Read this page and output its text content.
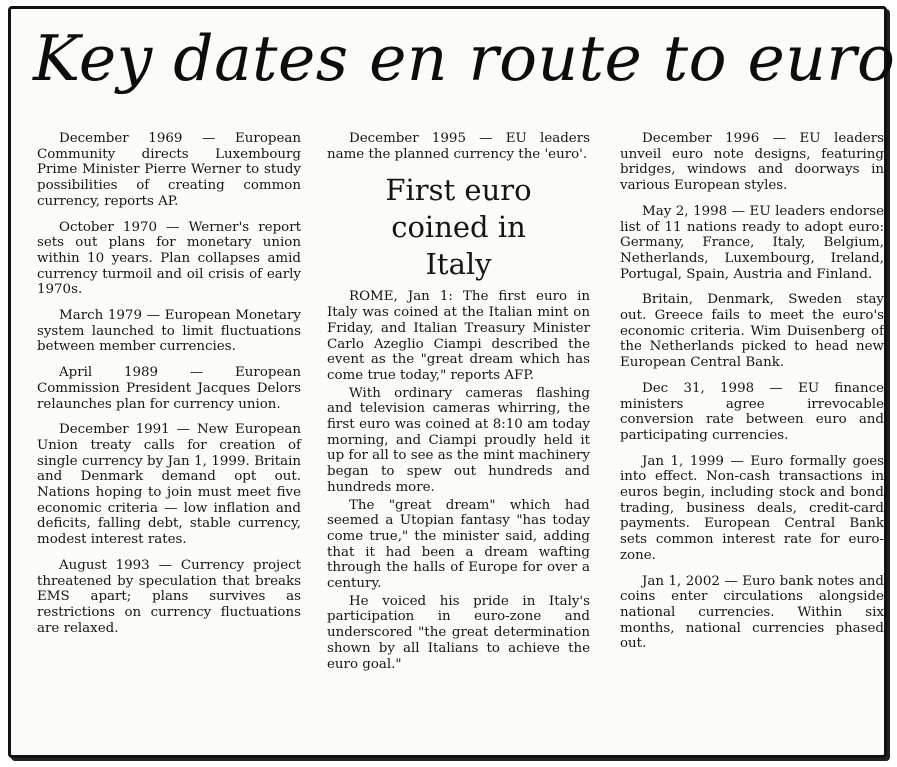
Key dates en route to euro

December 1969 — European Community directs Luxembourg Prime Minister Pierre Werner to study possibilities of creating common currency, reports AP.

October 1970 — Werner's report sets out plans for monetary union within 10 years. Plan collapses amid currency turmoil and oil crisis of early 1970s.

March 1979 — European Monetary system launched to limit fluctuations between member currencies.

April 1989 — European Commission President Jacques Delors relaunches plan for currency union.

December 1991 — New European Union treaty calls for creation of single currency by Jan 1, 1999. Britain and Denmark demand opt out. Nations hoping to join must meet five economic criteria — low inflation and deficits, falling debt, stable currency, modest interest rates.

August 1993 — Currency project threatened by speculation that breaks EMS apart; plans survives as restrictions on currency fluctuations are relaxed.

December 1995 — EU leaders name the planned currency the 'euro'.

First euro coined in Italy

ROME, Jan 1: The first euro in Italy was coined at the Italian mint on Friday, and Italian Treasury Minister Carlo Azeglio Ciampi described the event as the "great dream which has come true today," reports AFP.

With ordinary cameras flashing and television cameras whirring, the first euro was coined at 8:10 am today morning, and Ciampi proudly held it up for all to see as the mint machinery began to spew out hundreds and hundreds more.

The "great dream" which had seemed a Utopian fantasy "has today come true," the minister said, adding that it had been a dream wafting through the halls of Europe for over a century.

He voiced his pride in Italy's participation in euro-zone and underscored "the great determination shown by all Italians to achieve the euro goal."

December 1996 — EU leaders unveil euro note designs, featuring bridges, windows and doorways in various European styles.

May 2, 1998 — EU leaders endorse list of 11 nations ready to adopt euro: Germany, France, Italy, Belgium, Netherlands, Luxembourg, Ireland, Portugal, Spain, Austria and Finland.

Britain, Denmark, Sweden stay out. Greece fails to meet the euro's economic criteria. Wim Duisenberg of the Netherlands picked to head new European Central Bank.

Dec 31, 1998 — EU finance ministers agree irrevocable conversion rate between euro and participating currencies.

Jan 1, 1999 — Euro formally goes into effect. Non-cash transactions in euros begin, including stock and bond trading, business deals, credit-card payments. European Central Bank sets common interest rate for euro-zone.

Jan 1, 2002 — Euro bank notes and coins enter circulations alongside national currencies. Within six months, national currencies phased out.
